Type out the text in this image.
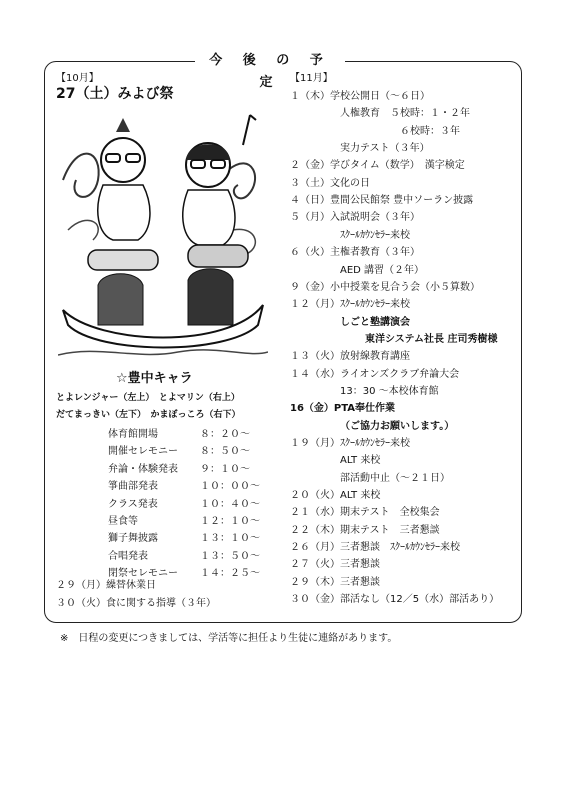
今 後 の 予 定
【10月】
27（土）みよび祭
☆豊中キャラ
とよレンジャー（左上）　とよマリン（右上）
だてまっきい（左下）　かまぼっころ（右下）
体育館開場	８：２０～
開催セレモニー ８：５０～
弁論・体験発表 ９：１０～
箏曲部発表	１０：００～
クラス発表	１０：４０～
昼食等	１２：１０～
獅子舞披露	１３：１０～
合唱発表	１３：５０～
閉祭セレモニー １４：２５～
２９（月）繰替休業日
３０（火）食に関する指導（３年）
【11月】
１（木）学校公開日（～６日）
人権教育　５校時：１・２年
６校時：３年
実力テスト（３年）
２（金）学びタイム（数学）　漢字検定
３（土）文化の日
４（日）豊間公民館祭 豊中ソーラン披露
５（月）入試説明会（３年）
ｽｸｰﾙｶｳﾝｾﾗｰ来校
６（火）主権者教育（３年）
AED 講習（２年）
９（金）小中授業を見合う会（小５算数）
１２（月）ｽｸｰﾙｶｳﾝｾﾗｰ来校
しごと塾講演会
東洋システム社長 庄司秀樹様
１３（火）放射線教育講座
１４（水）ライオンズクラブ弁論大会
13：30 ～本校体育館
16（金）PTA奉仕作業
（ご協力お願いします。）
１９（月）ｽｸｰﾙｶｳﾝｾﾗｰ来校
ALT 来校
部活動中止（～２１日）
２０（火）ALT 来校
２１（水）期末テスト　全校集会
２２（木）期末テスト　三者懇談
２６（月）三者懇談　ｽｸｰﾙｶｳﾝｾﾗｰ来校
２７（火）三者懇談
２９（木）三者懇談
３０（金）部活なし（12／5（水）部活あり）
※　日程の変更につきましては、学活等に担任より生徒に連絡があります。
